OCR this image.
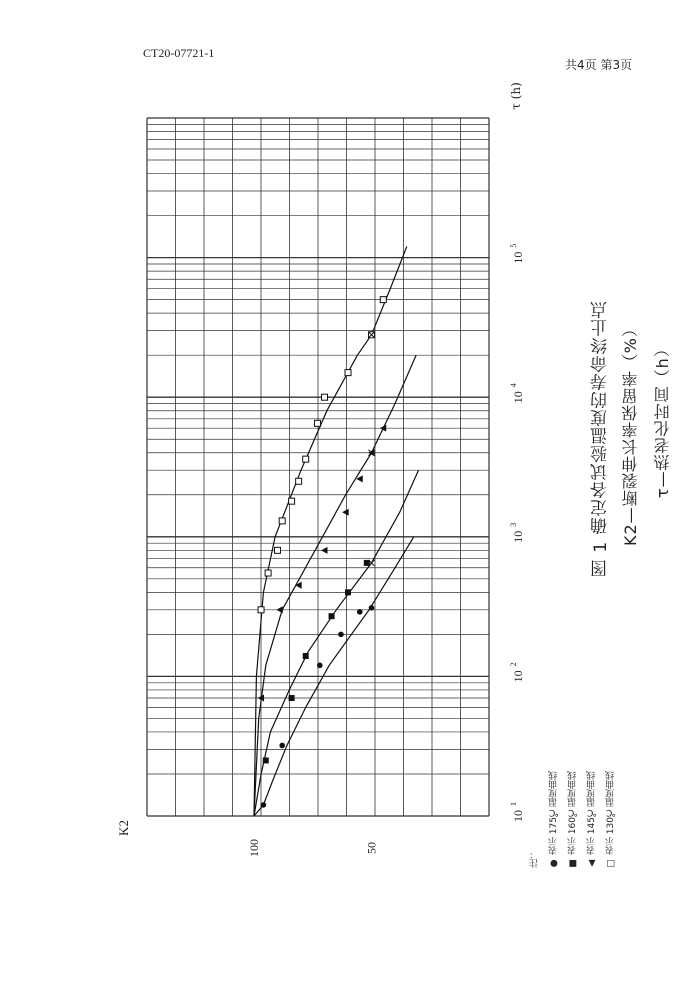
CT20-07721-1
共4页 第3页
10
1
10
2
10
3
10
4
10
5
100	50
K2
τ (h)
图 1 确定各试验温度的寿命终止点 K2—断裂伸长率保留率（%） τ—热老化时间（h）
注： ● 表示 175℃温度曲线
■ 表示 160℃温度曲线
▲ 表示 145℃温度曲线
□ 表示 130℃温度曲线
